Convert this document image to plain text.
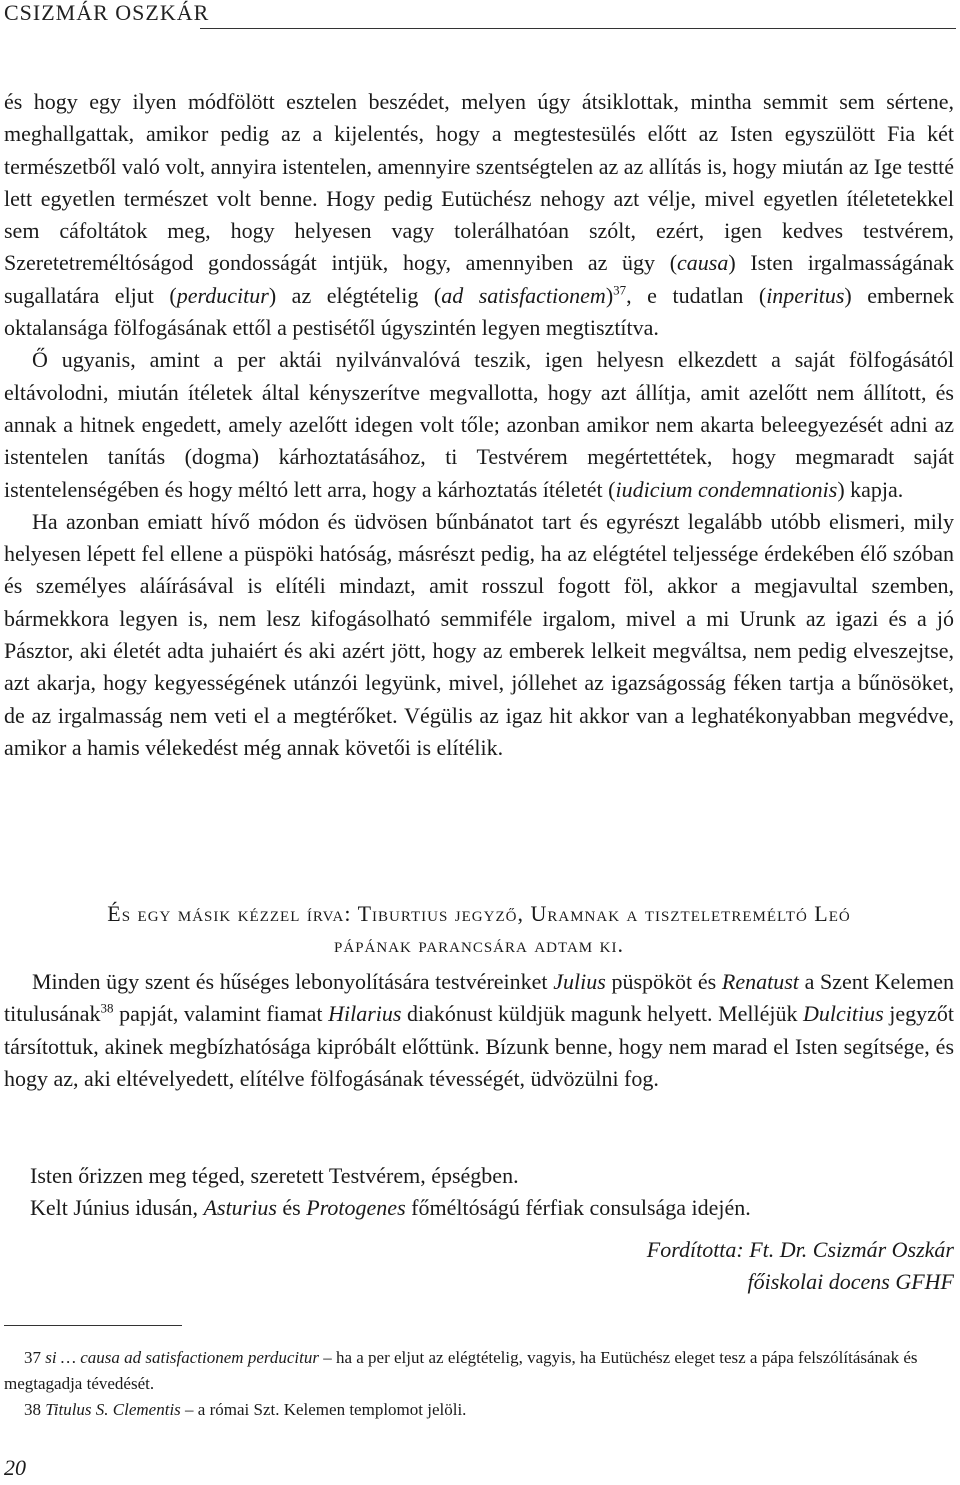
CSIZMÁR OSZKÁR

és hogy egy ilyen módfölött esztelen beszédet, melyen úgy átsiklottak, mintha semmit sem sértene, meghallgattak, amikor pedig az a kijelentés, hogy a megtestesülés előtt az Isten egyszülött Fia két természetből való volt, annyira istentelen, amennyire szentségtelen az az allítás is, hogy miután az Ige testté lett egyetlen természet volt benne. Hogy pedig Eutüchész nehogy azt vélje, mivel egyetlen ítéletetekkel sem cáfoltátok meg, hogy helyesen vagy tolerálhatóan szólt, ezért, igen kedves testvérem, Szeretetreméltóságod gondosságát intjük, hogy, amennyiben az ügy (causa) Isten irgalmasságának sugallatára eljut (perducitur) az elégtételig (ad satisfactionem)$^{37}$, e tudatlan (inperitus) embernek oktalansága fölfogásának ettől a pestisétől úgyszintén legyen megtisztítva.

Ő ugyanis, amint a per aktái nyilvánvalóvá teszik, igen helyesn elkezdett a saját fölfogásától eltávolodni, miután ítéletek által kényszerítve megvallotta, hogy azt állítja, amit azelőtt nem állított, és annak a hitnek engedett, amely azelőtt idegen volt tőle; azonban amikor nem akarta beleegyezését adni az istentelen tanítás (dogma) kárhoztatásához, ti Testvérem megértettétek, hogy megmaradt saját istentelenségében és hogy méltó lett arra, hogy a kárhoztatás ítéletét (iudicium condemnationis) kapja.

Ha azonban emiatt hívő módon és üdvösen bűnbánatot tart és egyrészt legalább utóbb elismeri, mily helyesen lépett fel ellene a püspöki hatóság, másrészt pedig, ha az elégtétel teljessége érdekében élő szóban és személyes aláírásával is elítéli mindazt, amit rosszul fogott föl, akkor a megjavultal szemben, bármekkora legyen is, nem lesz kifogásolható semmiféle irgalom, mivel a mi Urunk az igazi és a jó Pásztor, aki életét adta juhaiért és aki azért jött, hogy az emberek lelkeit megváltsa, nem pedig elveszejtse, azt akarja, hogy kegyességének utánzói legyünk, mivel, jóllehet az igazságosság féken tartja a bűnösöket, de az irgalmasság nem veti el a megtérőket. Végülis az igaz hit akkor van a leghatékonyabban megvédve, amikor a hamis vélekedést még annak követői is elítélik.

És egy másik kézzel írva: Tiburtius jegyző, Uramnak a tiszteletreméltó Leó
pápának parancsára adtam ki.

Minden ügy szent és hűséges lebonyolítására testvéreinket Julius püspököt és Renatust a Szent Kelemen titulusának$^{38}$ papját, valamint fiamat Hilarius diakónust küldjük magunk helyett. Melléjük Dulcitius jegyzőt társítottuk, akinek megbízhatósága kipróbált előttünk. Bízunk benne, hogy nem marad el Isten segítsége, és hogy az, aki eltévelyedett, elítélve fölfogásának tévességét, üdvözülni fog.

Isten őrizzen meg téged, szeretett Testvérem, épségben.

Kelt Június idusán, Asturius és Protogenes főméltóságú férfiak consulsága idején.

Fordította: Ft. Dr. Csizmár Oszkár
főiskolai docens GFHF

37 si … causa ad satisfactionem perducitur – ha a per eljut az elégtételig, vagyis, ha Eutüchész eleget tesz a pápa felszólításának és megtagadja tévedését.

38 Titulus S. Clementis – a római Szt. Kelemen templomot jelöli.

20
